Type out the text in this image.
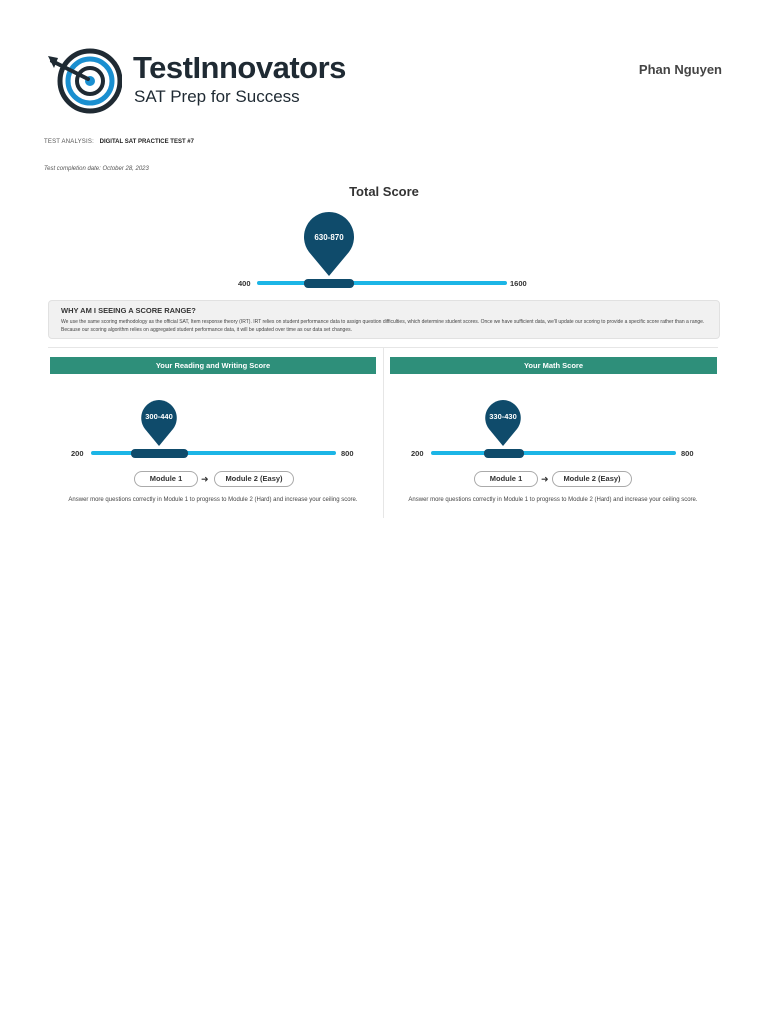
TestInnovators
SAT Prep for Success
Phan Nguyen
TEST ANALYSIS: DIGITAL SAT PRACTICE TEST #7
Test completion date: October 28, 2023
Total Score
630-870
400	1600
WHY AM I SEEING A SCORE RANGE?
We use the same scoring methodology as the official SAT, Item response theory (IRT). IRT relies on student performance data to assign question difficulties, which determine student scores. Once we have sufficient data, we'll update our scoring to provide a specific score rather than a range. Because our scoring algorithm relies on aggregated student performance data, it will be updated over time as our data set changes.
Your Reading and Writing Score
300-440
200	800
Module 1	➜	Module 2 (Easy)
Answer more questions correctly in Module 1 to progress to Module 2 (Hard) and increase your ceiling score.
Your Math Score
330-430
200	800
Module 1	➜	Module 2 (Easy)
Answer more questions correctly in Module 1 to progress to Module 2 (Hard) and increase your ceiling score.
